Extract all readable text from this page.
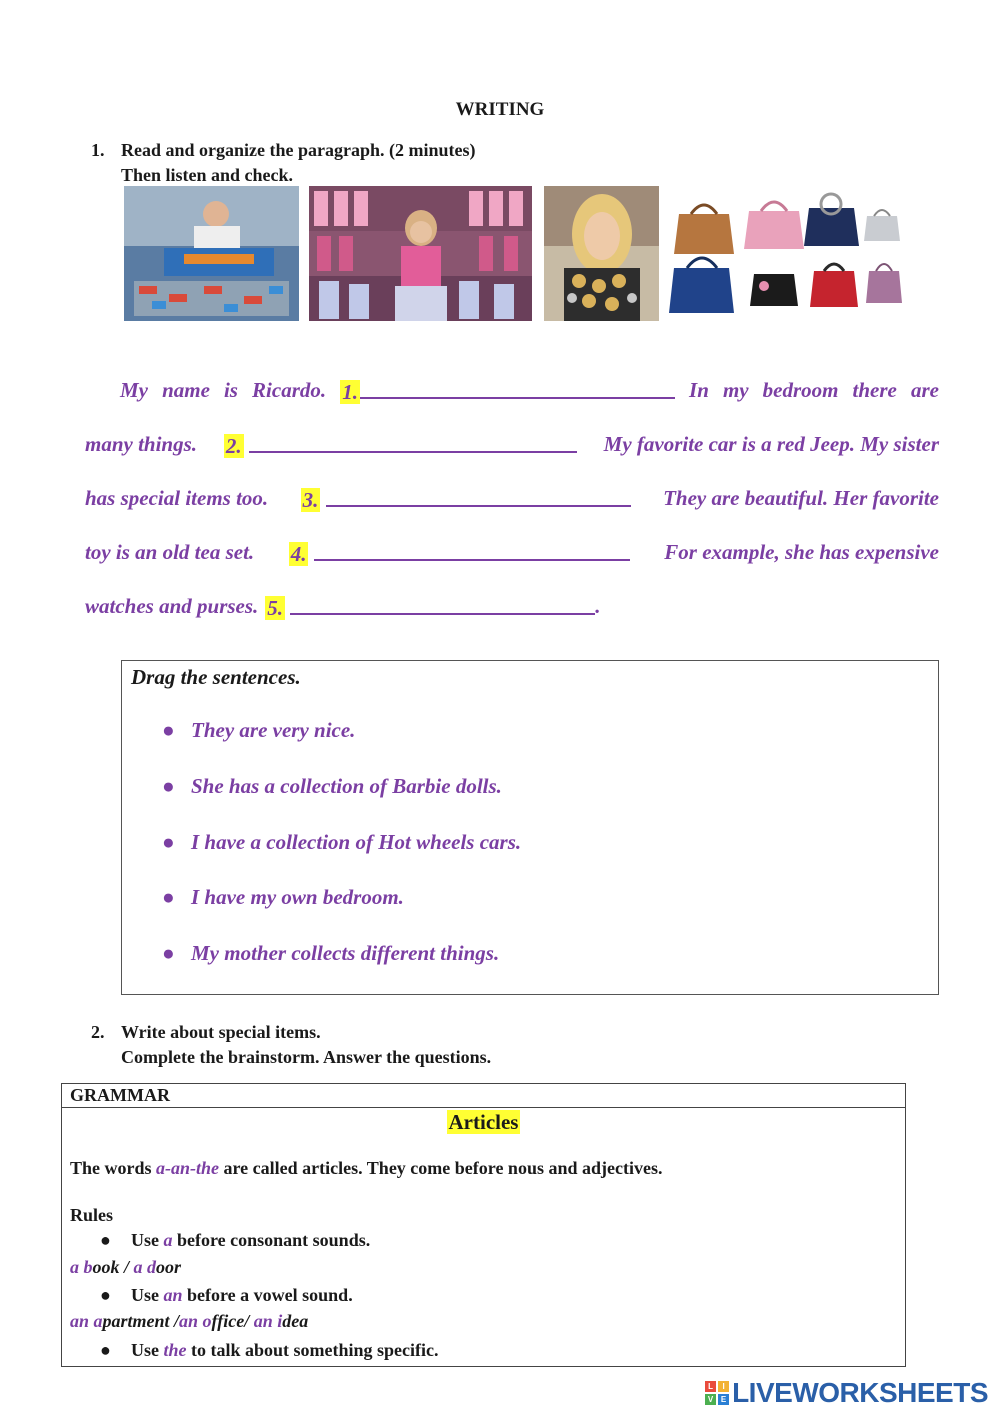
WRITING
1. Read and organize the paragraph. (2 minutes)
Then listen and check.
My name is Ricardo. 1.	In my bedroom there are
many things. 2.	My favorite car is a red Jeep. My sister
has special items too. 3.	They are beautiful. Her favorite
toy is an old tea set. 4.	For example, she has expensive
watches and purses. 5.	.
Drag the sentences.
● They are very nice.
● She has a collection of Barbie dolls.
● I have a collection of Hot wheels cars.
● I have my own bedroom.
● My mother collects different things.
2. Write about special items.
Complete the brainstorm. Answer the questions.
GRAMMAR
Articles
The words a-an-the are called articles. They come before nous and adjectives.
Rules
● Use a before consonant sounds.
a book / a door
● Use an before a vowel sound.
an apartment /an office/ an idea
● Use the to talk about something specific.
L	I
V E LIVEWORKSHEETS
